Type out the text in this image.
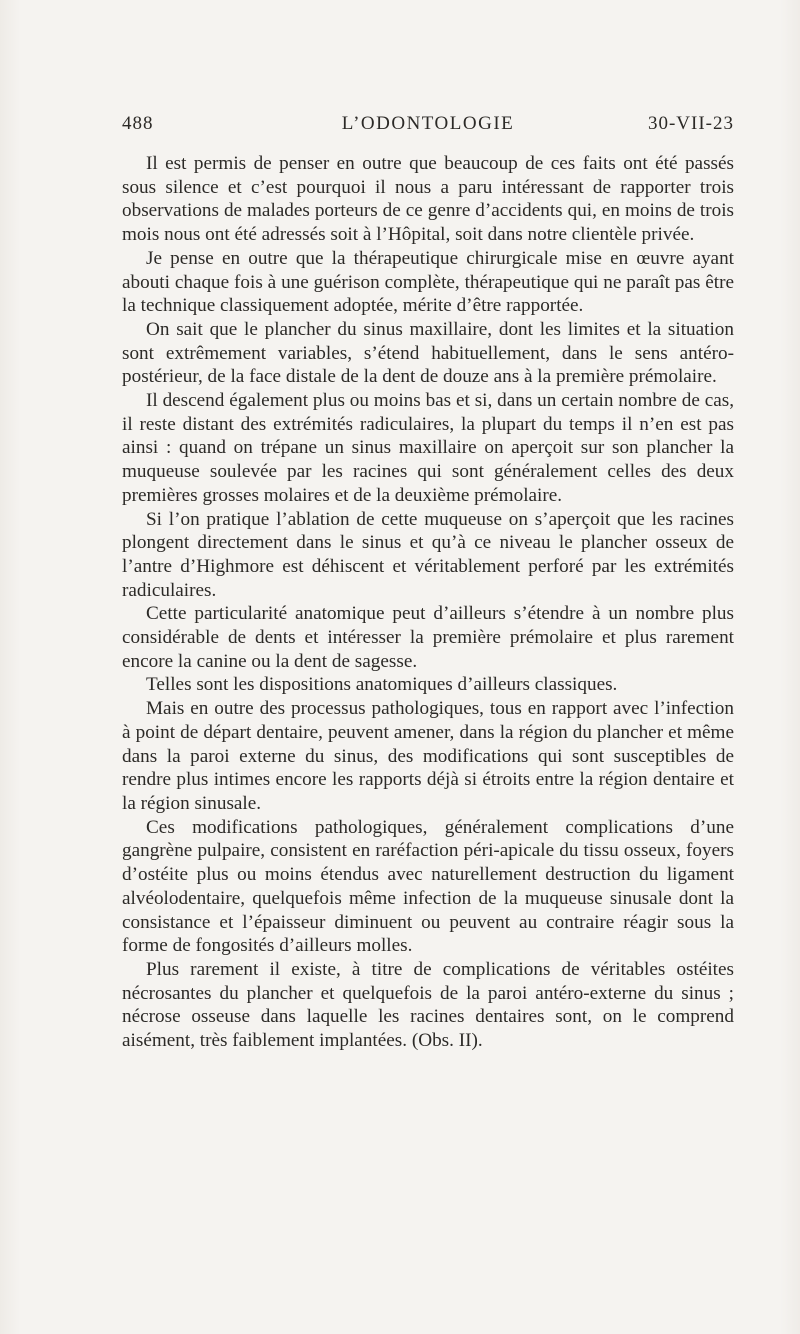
488	L’ODONTOLOGIE	30-VII-23

Il est permis de penser en outre que beaucoup de ces faits ont été passés sous silence et c’est pourquoi il nous a paru intéressant de rapporter trois observations de malades porteurs de ce genre d’accidents qui, en moins de trois mois nous ont été adressés soit à l’Hôpital, soit dans notre clientèle privée.

Je pense en outre que la thérapeutique chirurgicale mise en œuvre ayant abouti chaque fois à une guérison complète, thérapeutique qui ne paraît pas être la technique classiquement adoptée, mérite d’être rapportée.

On sait que le plancher du sinus maxillaire, dont les limites et la situation sont extrêmement variables, s’étend habituellement, dans le sens antéro-postérieur, de la face distale de la dent de douze ans à la première prémolaire.

Il descend également plus ou moins bas et si, dans un certain nombre de cas, il reste distant des extrémités radiculaires, la plupart du temps il n’en est pas ainsi : quand on trépane un sinus maxillaire on aperçoit sur son plancher la muqueuse soulevée par les racines qui sont généralement celles des deux premières grosses molaires et de la deuxième prémolaire.

Si l’on pratique l’ablation de cette muqueuse on s’aperçoit que les racines plongent directement dans le sinus et qu’à ce niveau le plancher osseux de l’antre d’Highmore est déhiscent et véritablement perforé par les extrémités radiculaires.

Cette particularité anatomique peut d’ailleurs s’étendre à un nombre plus considérable de dents et intéresser la première prémolaire et plus rarement encore la canine ou la dent de sagesse.

Telles sont les dispositions anatomiques d’ailleurs classiques.

Mais en outre des processus pathologiques, tous en rapport avec l’infection à point de départ dentaire, peuvent amener, dans la région du plancher et même dans la paroi externe du sinus, des modifications qui sont susceptibles de rendre plus intimes encore les rapports déjà si étroits entre la région dentaire et la région sinusale.

Ces modifications pathologiques, généralement complications d’une gangrène pulpaire, consistent en raréfaction péri-apicale du tissu osseux, foyers d’ostéite plus ou moins étendus avec naturellement destruction du ligament alvéolodentaire, quelquefois même infection de la muqueuse sinusale dont la consistance et l’épaisseur diminuent ou peuvent au contraire réagir sous la forme de fongosités d’ailleurs molles.

Plus rarement il existe, à titre de complications de véritables ostéites nécrosantes du plancher et quelquefois de la paroi antéro-externe du sinus ; nécrose osseuse dans laquelle les racines dentaires sont, on le comprend aisément, très faiblement implantées. (Obs. II).
